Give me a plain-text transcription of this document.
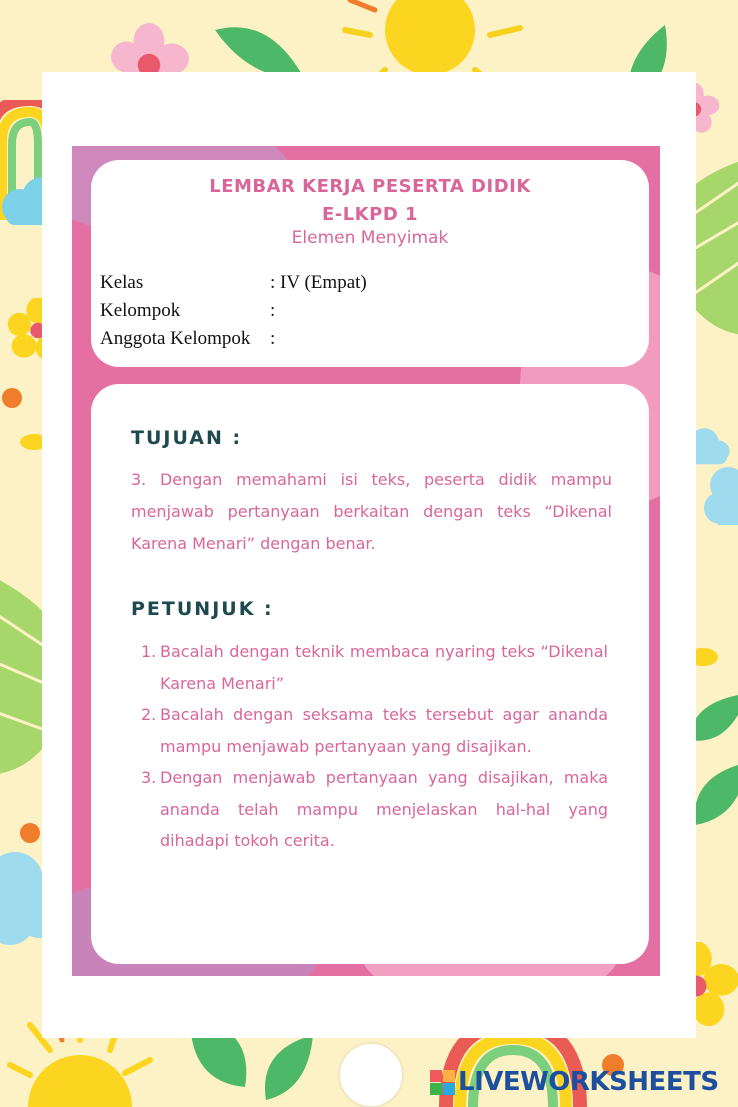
LEMBAR KERJA PESERTA DIDIK
E-LKPD 1
Elemen Menyimak
Kelas	: IV (Empat)
Kelompok	:
Anggota Kelompok :
TUJUAN :
3. Dengan memahami isi teks, peserta didik mampu menjawab pertanyaan berkaitan dengan teks “Dikenal Karena Menari” dengan benar.
PETUNJUK :
1. Bacalah dengan teknik membaca nyaring teks “Dikenal Karena Menari”
2. Bacalah dengan seksama teks tersebut agar ananda mampu menjawab pertanyaan yang disajikan.
3. Dengan menjawab pertanyaan yang disajikan, maka ananda telah mampu menjelaskan hal-hal yang dihadapi tokoh cerita.
LIVEWORKSHEETS
